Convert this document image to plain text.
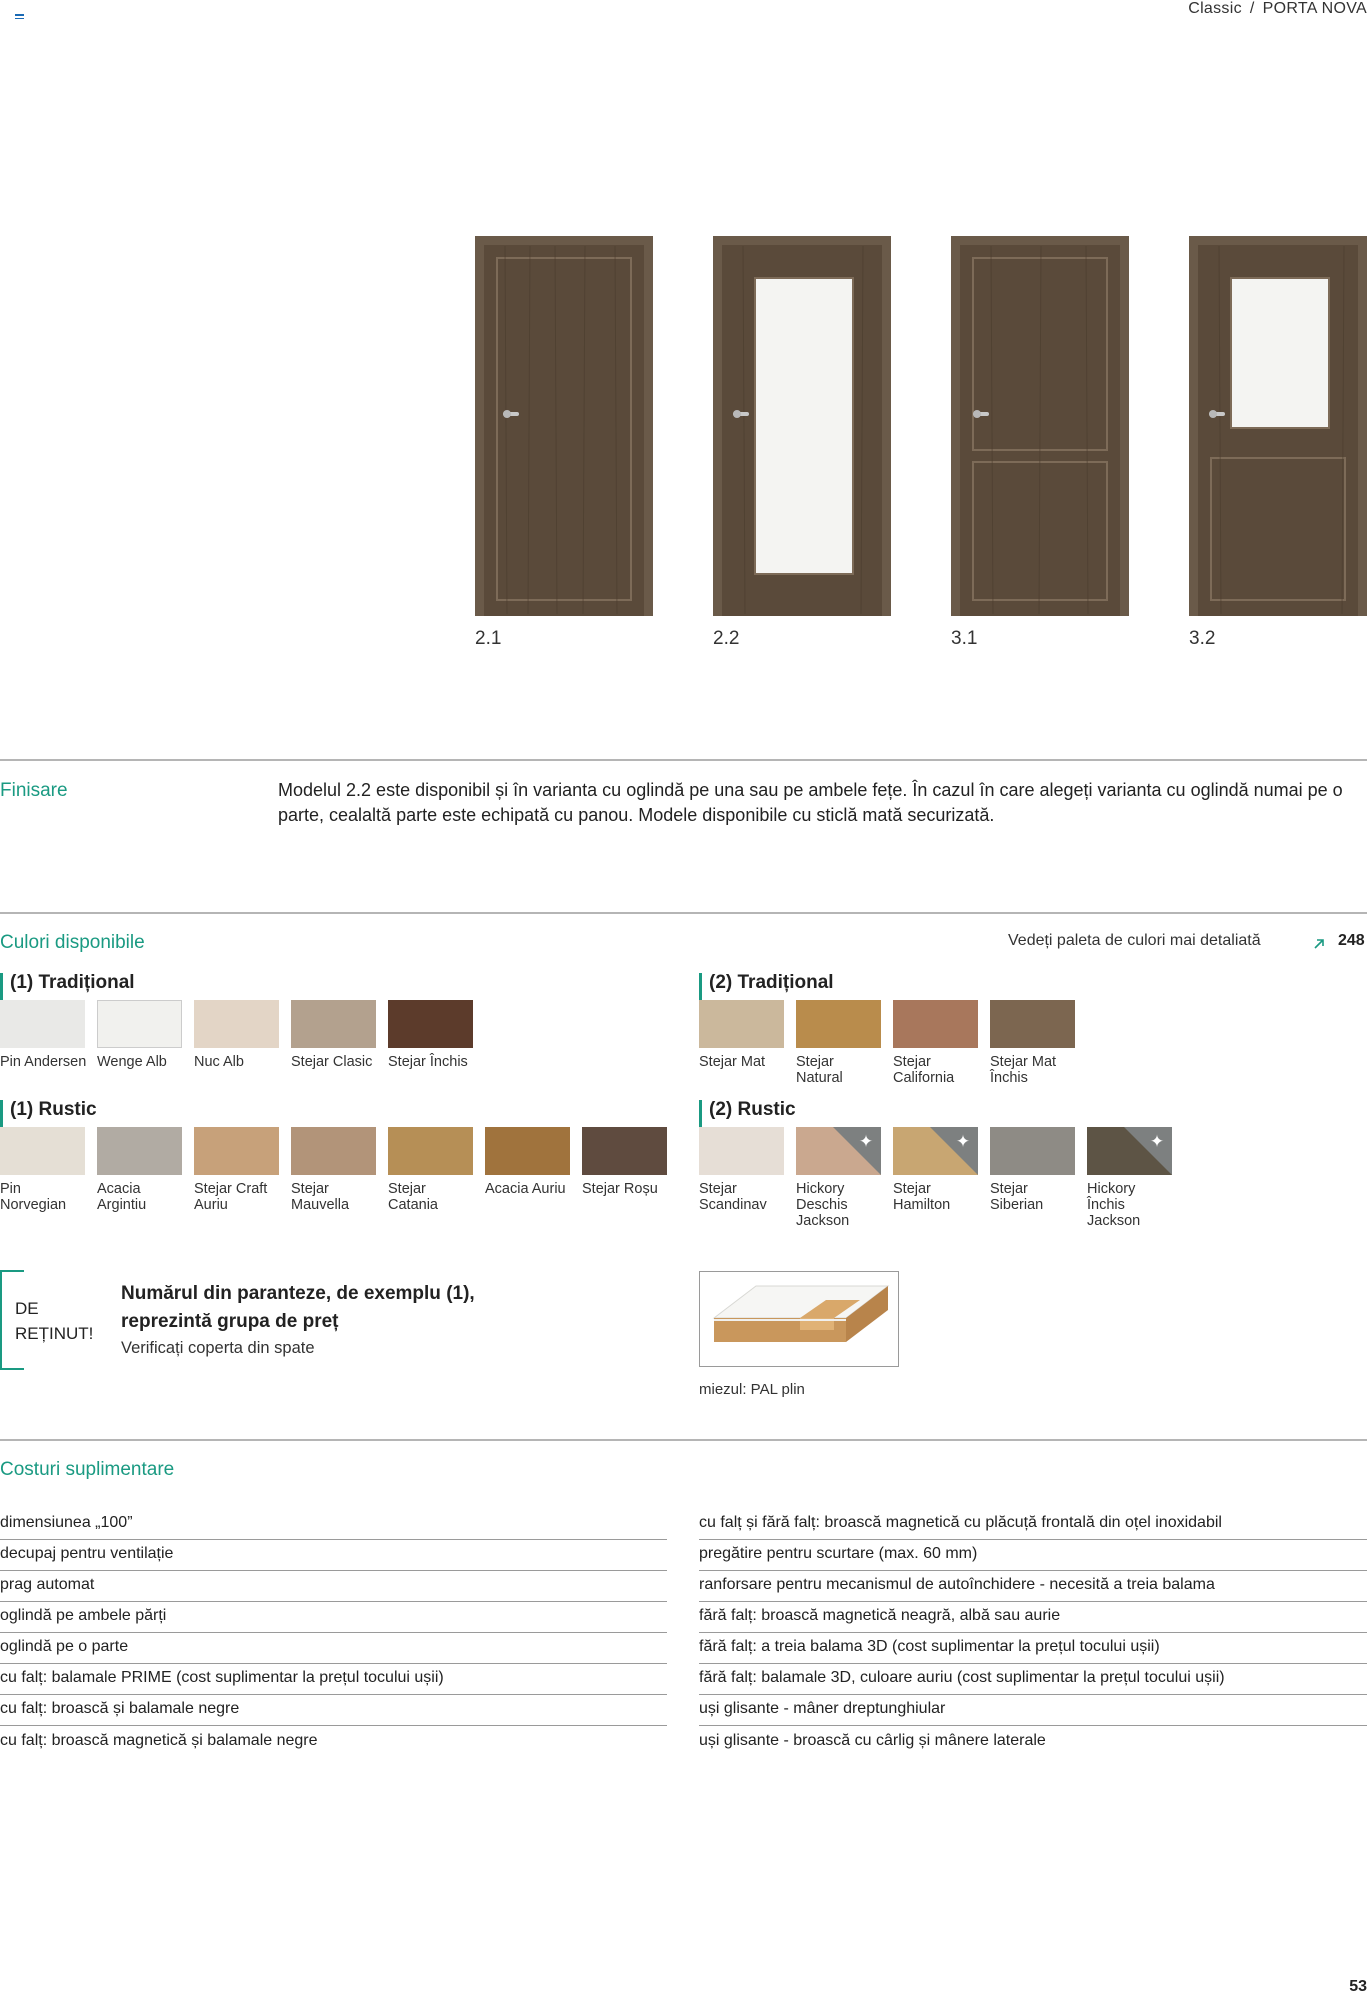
Classic / PORTA NOVA
2.1	2.2	3.1	3.2
Finisare	Modelul 2.2 este disponibil și în varianta cu oglindă pe una sau pe ambele fețe. În cazul în care alegeți varianta cu oglindă numai pe o parte, cealaltă parte este echipată cu panou. Modele disponibile cu sticlă mată securizată.
Culori disponibile	Vedeți paleta de culori mai detaliată	248
(1) Tradițional
Pin Andersen Wenge Alb	Nuc Alb	Stejar Clasic	Stejar Închis
(2) Tradițional
Stejar Mat	Stejar Natural
Stejar California
Stejar Mat Închis
(1) Rustic
Pin Norvegian
Acacia Argintiu
Stejar Craft Auriu
Stejar Mauvella
Stejar Catania
Acacia Auriu	Stejar Roșu
(2) Rustic
✦	✦	✦
Stejar Scandinav
Hickory Deschis Jackson
Stejar Hamilton
Stejar Siberian
Hickory Închis Jackson
DE
REȚINUT!
Numărul din paranteze, de exemplu (1),
reprezintă grupa de preț
Verificați coperta din spate
miezul: PAL plin
Costuri suplimentare
dimensiunea „100”
decupaj pentru ventilație
prag automat
oglindă pe ambele părți
oglindă pe o parte
cu falț: balamale PRIME (cost suplimentar la prețul tocului ușii)
cu falț: broască și balamale negre
cu falț: broască magnetică și balamale negre
cu falț și fără falț: broască magnetică cu plăcuță frontală din oțel inoxidabil
pregătire pentru scurtare (max. 60 mm)
ranforsare pentru mecanismul de autoînchidere - necesită a treia balama
fără falț: broască magnetică neagră, albă sau aurie
fără falț: a treia balama 3D (cost suplimentar la prețul tocului ușii)
fără falț: balamale 3D, culoare auriu (cost suplimentar la prețul tocului ușii)
uși glisante - mâner dreptunghiular
uși glisante - broască cu cârlig și mânere laterale
53
